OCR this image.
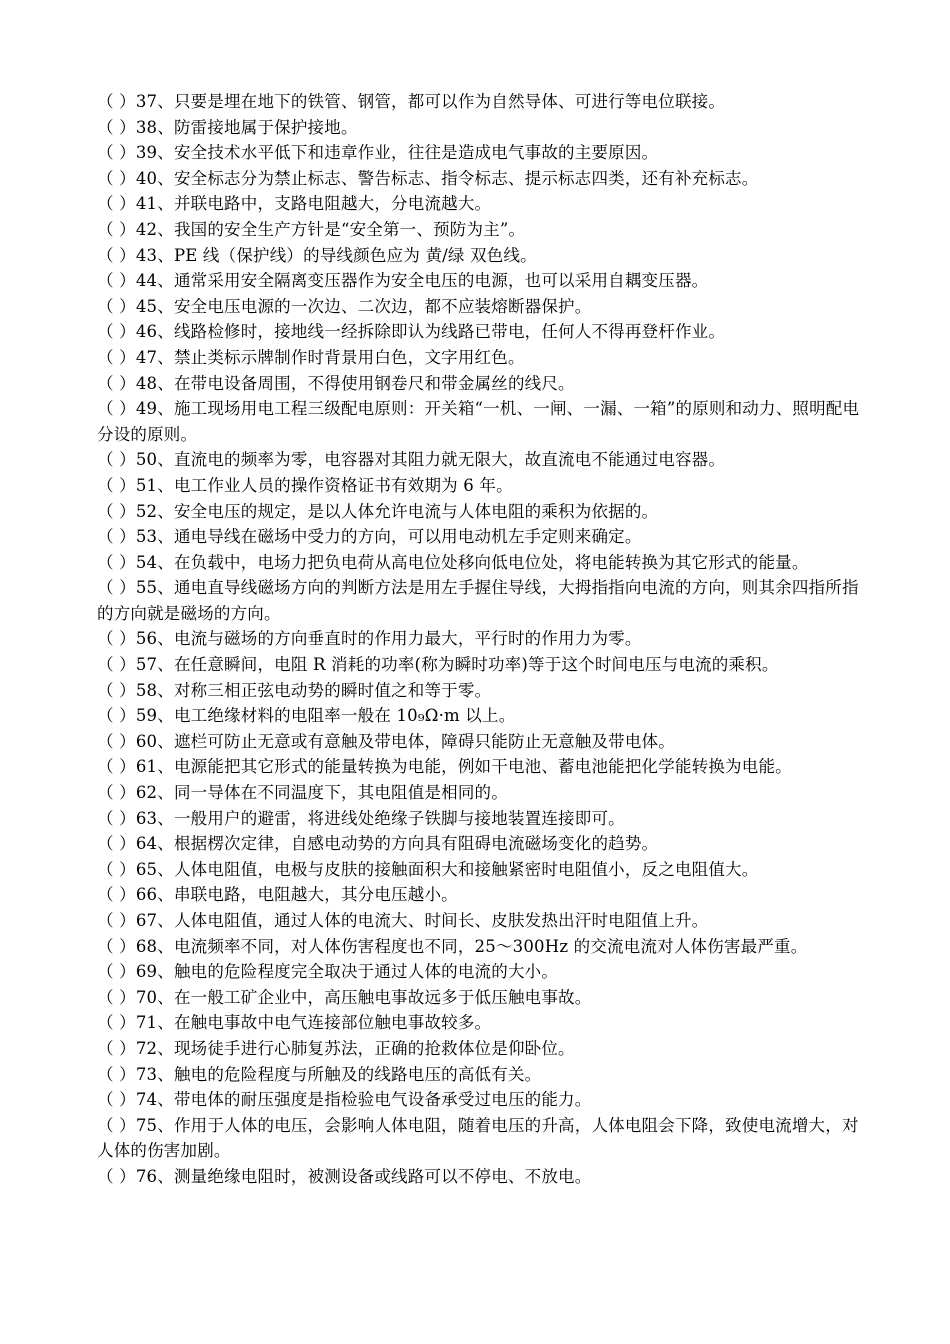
（ ）37、只要是埋在地下的铁管、钢管，都可以作为自然导体、可进行等电位联接。
（ ）38、防雷接地属于保护接地。
（ ）39、安全技术水平低下和违章作业，往往是造成电气事故的主要原因。
（ ）40、安全标志分为禁止标志、警告标志、指令标志、提示标志四类，还有补充标志。
（ ）41、并联电路中，支路电阻越大，分电流越大。
（ ）42、我国的安全生产方针是“安全第一、预防为主”。
（ ）43、PE 线（保护线）的导线颜色应为 黄/绿 双色线。
（ ）44、通常采用安全隔离变压器作为安全电压的电源，也可以采用自耦变压器。
（ ）45、安全电压电源的一次边、二次边，都不应装熔断器保护。
（ ）46、线路检修时，接地线一经拆除即认为线路已带电，任何人不得再登杆作业。
（ ）47、禁止类标示牌制作时背景用白色，文字用红色。
（ ）48、在带电设备周围，不得使用钢卷尺和带金属丝的线尺。
（ ）49、施工现场用电工程三级配电原则：开关箱“一机、一闸、一漏、一箱”的原则和动力、照明配电分设的原则。
（ ）50、直流电的频率为零，电容器对其阻力就无限大，故直流电不能通过电容器。
（ ）51、电工作业人员的操作资格证书有效期为 6 年。
（ ）52、安全电压的规定，是以人体允许电流与人体电阻的乘积为依据的。
（ ）53、通电导线在磁场中受力的方向，可以用电动机左手定则来确定。
（ ）54、在负载中，电场力把负电荷从高电位处移向低电位处，将电能转换为其它形式的能量。
（ ）55、通电直导线磁场方向的判断方法是用左手握住导线，大拇指指向电流的方向，则其余四指所指的方向就是磁场的方向。
（ ）56、电流与磁场的方向垂直时的作用力最大，平行时的作用力为零。
（ ）57、在任意瞬间，电阻 R 消耗的功率(称为瞬时功率)等于这个时间电压与电流的乘积。
（ ）58、对称三相正弦电动势的瞬时值之和等于零。
（ ）59、电工绝缘材料的电阻率一般在 10₉Ω·m 以上。
（ ）60、遮栏可防止无意或有意触及带电体，障碍只能防止无意触及带电体。
（ ）61、电源能把其它形式的能量转换为电能，例如干电池、蓄电池能把化学能转换为电能。
（ ）62、同一导体在不同温度下，其电阻值是相同的。
（ ）63、一般用户的避雷，将进线处绝缘子铁脚与接地装置连接即可。
（ ）64、根据楞次定律，自感电动势的方向具有阻碍电流磁场变化的趋势。
（ ）65、人体电阻值，电极与皮肤的接触面积大和接触紧密时电阻值小，反之电阻值大。
（ ）66、串联电路，电阻越大，其分电压越小。
（ ）67、人体电阻值，通过人体的电流大、时间长、皮肤发热出汗时电阻值上升。
（ ）68、电流频率不同，对人体伤害程度也不同，25～300Hz 的交流电流对人体伤害最严重。
（ ）69、触电的危险程度完全取决于通过人体的电流的大小。
（ ）70、在一般工矿企业中，高压触电事故远多于低压触电事故。
（ ）71、在触电事故中电气连接部位触电事故较多。
（ ）72、现场徒手进行心肺复苏法，正确的抢救体位是仰卧位。
（ ）73、触电的危险程度与所触及的线路电压的高低有关。
（ ）74、带电体的耐压强度是指检验电气设备承受过电压的能力。
（ ）75、作用于人体的电压，会影响人体电阻，随着电压的升高，人体电阻会下降，致使电流增大，对人体的伤害加剧。
（ ）76、测量绝缘电阻时，被测设备或线路可以不停电、不放电。
